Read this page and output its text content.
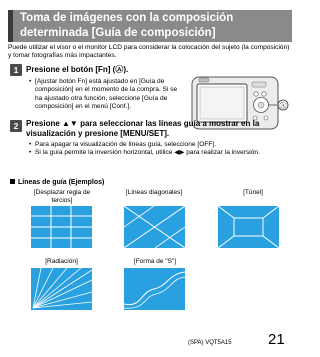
Toma de imágenes con la composición
determinada [Guía de composición]
Puede utilizar el visor o el monitor LCD para considerar la colocación del sujeto (la composición) y tomar fotografías más impactantes.
1 Presione el botón [Fn] (Ⓐ).
• [Ajustar botón Fn] está ajustado en [Guía de composición] en el momento de la compra. Si se ha ajustado otra función, seleccione [Guía de composición] en el menú [Conf.].	Ⓐ
2 Presione ▲▼ para seleccionar las líneas guía a mostrar en la
visualización y presione [MENU/SET].
• Para apagar la visualización de líneas guía, seleccione [OFF].
• Si la guía permite la inversión horizontal, utilice ◀▶ para realizar la inversión.
Líneas de guía (Ejemplos)
[Desplazar regla de
tercios]
[Líneas diagonales]	[Túnel]
[Radiación]	[Forma de "S"]
(SPA) VQT5A15 21
